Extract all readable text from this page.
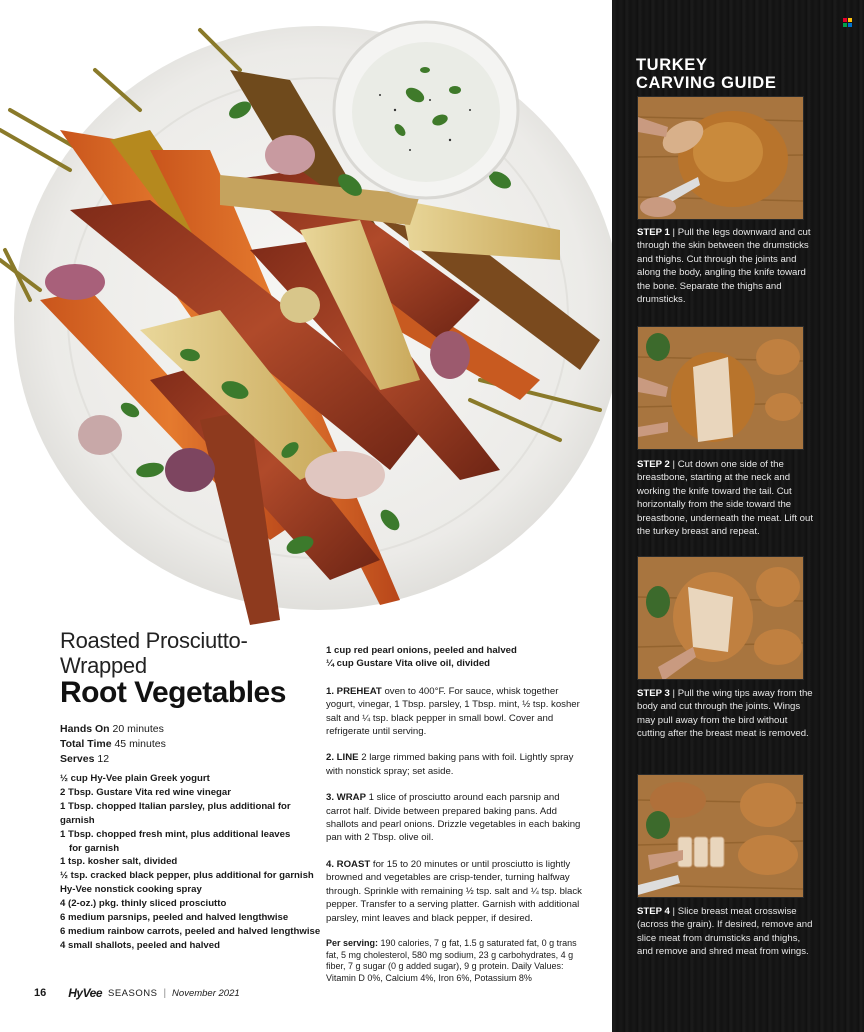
Roasted Prosciutto-
Wrapped
Root Vegetables
Hands On 20 minutes
Total Time 45 minutes
Serves 12
½ cup Hy-Vee plain Greek yogurt
2 Tbsp. Gustare Vita red wine vinegar
1 Tbsp. chopped Italian parsley, plus additional for garnish
1 Tbsp. chopped fresh mint, plus additional leaves
for garnish
1 tsp. kosher salt, divided
½ tsp. cracked black pepper, plus additional for garnish
Hy-Vee nonstick cooking spray
4 (2-oz.) pkg. thinly sliced prosciutto
6 medium parsnips, peeled and halved lengthwise
6 medium rainbow carrots, peeled and halved lengthwise
4 small shallots, peeled and halved
1 cup red pearl onions, peeled and halved
¼ cup Gustare Vita olive oil, divided

1. PREHEAT oven to 400°F. For sauce, whisk together yogurt, vinegar, 1 Tbsp. parsley, 1 Tbsp. mint, ½ tsp. kosher salt and ¼ tsp. black pepper in small bowl. Cover and refrigerate until serving.

2. LINE 2 large rimmed baking pans with foil. Lightly spray with nonstick spray; set aside.

3. WRAP 1 slice of prosciutto around each parsnip and carrot half. Divide between prepared baking pans. Add shallots and pearl onions. Drizzle vegetables in each baking pan with 2 Tbsp. olive oil.

4. ROAST for 15 to 20 minutes or until prosciutto is lightly browned and vegetables are crisp-tender, turning halfway through. Sprinkle with remaining ½ tsp. salt and ¼ tsp. black pepper. Transfer to a serving platter. Garnish with additional parsley, mint leaves and black pepper, if desired.

Per serving: 190 calories, 7 g fat, 1.5 g saturated fat, 0 g trans fat, 5 mg cholesterol, 580 mg sodium, 23 g carbohydrates, 4 g fiber, 7 g sugar (0 g added sugar), 9 g protein. Daily Values: Vitamin D 0%, Calcium 4%, Iron 6%, Potassium 8%

16 HyVee SEASONS | November 2021
TURKEY
CARVING GUIDE
STEP 1 | Pull the legs downward and cut through the skin between the drumsticks and thighs. Cut through the joints and along the body, angling the knife toward the bone. Separate the thighs and drumsticks.
STEP 2 | Cut down one side of the breastbone, starting at the neck and working the knife toward the tail. Cut horizontally from the side toward the breastbone, underneath the meat. Lift out the turkey breast and repeat.
STEP 3 | Pull the wing tips away from the body and cut through the joints. Wings may pull away from the bird without cutting after the breast meat is removed.
STEP 4 | Slice breast meat crosswise (across the grain). If desired, remove and slice meat from drumsticks and thighs, and remove and shred meat from wings.
